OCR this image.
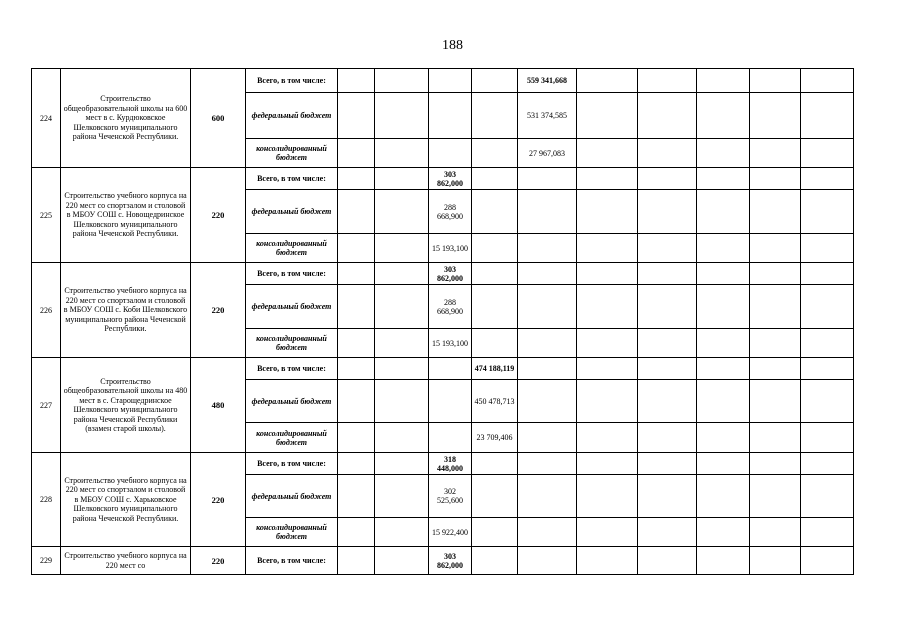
188
224	Строительство общеобразовательной школы на 600 мест в с. Курдюковское Шелковского муниципального района Чеченской Республики.	600	Всего, в том числе:					559 341,668					
			федеральный бюджет					531 374,585					
			консолидированный бюджет					27 967,083					
225	Строительство учебного корпуса на 220 мест со спортзалом и столовой в МБОУ СОШ с. Новощедринское Шелковского муниципального района Чеченской Республики.	220	Всего, в том числе:			303 862,000							
			федеральный бюджет			288 668,900							
			консолидированный бюджет			15 193,100							
226	Строительство учебного корпуса на 220 мест со спортзалом и столовой в МБОУ СОШ с. Коби Шелковского муниципального района Чеченской Республики.	220	Всего, в том числе:			303 862,000							
			федеральный бюджет			288 668,900							
			консолидированный бюджет			15 193,100							
227	Строительство общеобразовательной школы на 480 мест в с. Старощедринское Шелковского муниципального района Чеченской Республики (взамен старой школы).	480	Всего, в том числе:				474 188,119						
			федеральный бюджет				450 478,713						
			консолидированный бюджет				23 709,406						
228	Строительство учебного корпуса на 220 мест со спортзалом и столовой в МБОУ СОШ с. Харьковское Шелковского муниципального района Чеченской Республики.	220	Всего, в том числе:			318 448,000							
			федеральный бюджет			302 525,600							
			консолидированный бюджет			15 922,400							
229	Строительство учебного корпуса на 220 мест со	220	Всего, в том числе:			303 862,000							
